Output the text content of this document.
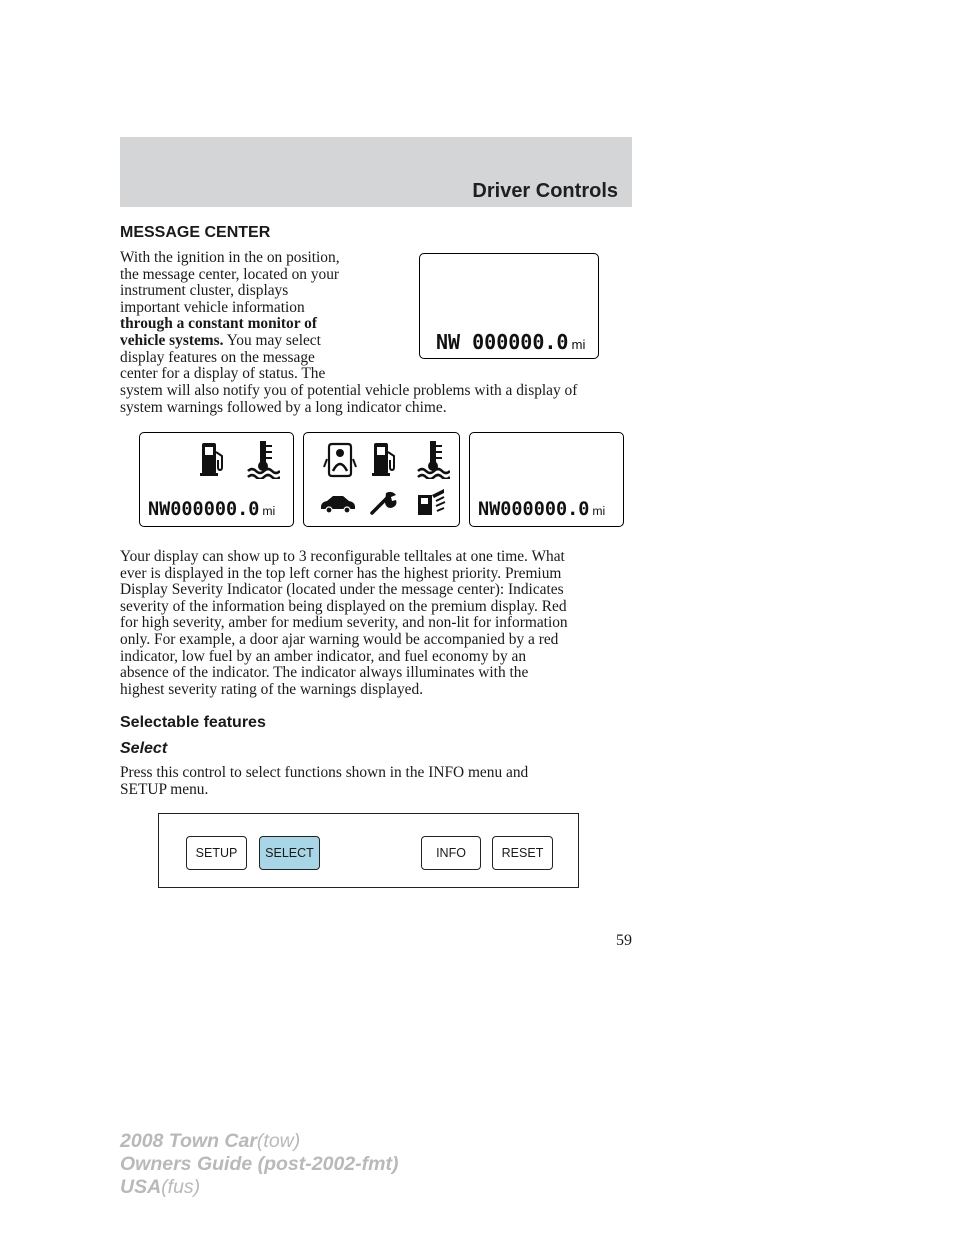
Driver Controls
MESSAGE CENTER
With the ignition in the on position,
the message center, located on your
instrument cluster, displays
important vehicle information
through a constant monitor of
vehicle systems. You may select
display features on the message
center for a display of status. The
system will also notify you of potential vehicle problems with a display of
system warnings followed by a long indicator chime.
NW 000000.0 mi
NW000000.0 mi	NW000000.0 mi
Your display can show up to 3 reconfigurable telltales at one time. What
ever is displayed in the top left corner has the highest priority. Premium
Display Severity Indicator (located under the message center): Indicates
severity of the information being displayed on the premium display. Red
for high severity, amber for medium severity, and non-lit for information
only. For example, a door ajar warning would be accompanied by a red
indicator, low fuel by an amber indicator, and fuel economy by an
absence of the indicator. The indicator always illuminates with the
highest severity rating of the warnings displayed.
Selectable features
Select
Press this control to select functions shown in the INFO menu and
SETUP menu.
SETUP	SELECT	INFO	RESET
59
2008 Town Car(tow)
Owners Guide (post-2002-fmt)
USA(fus)
